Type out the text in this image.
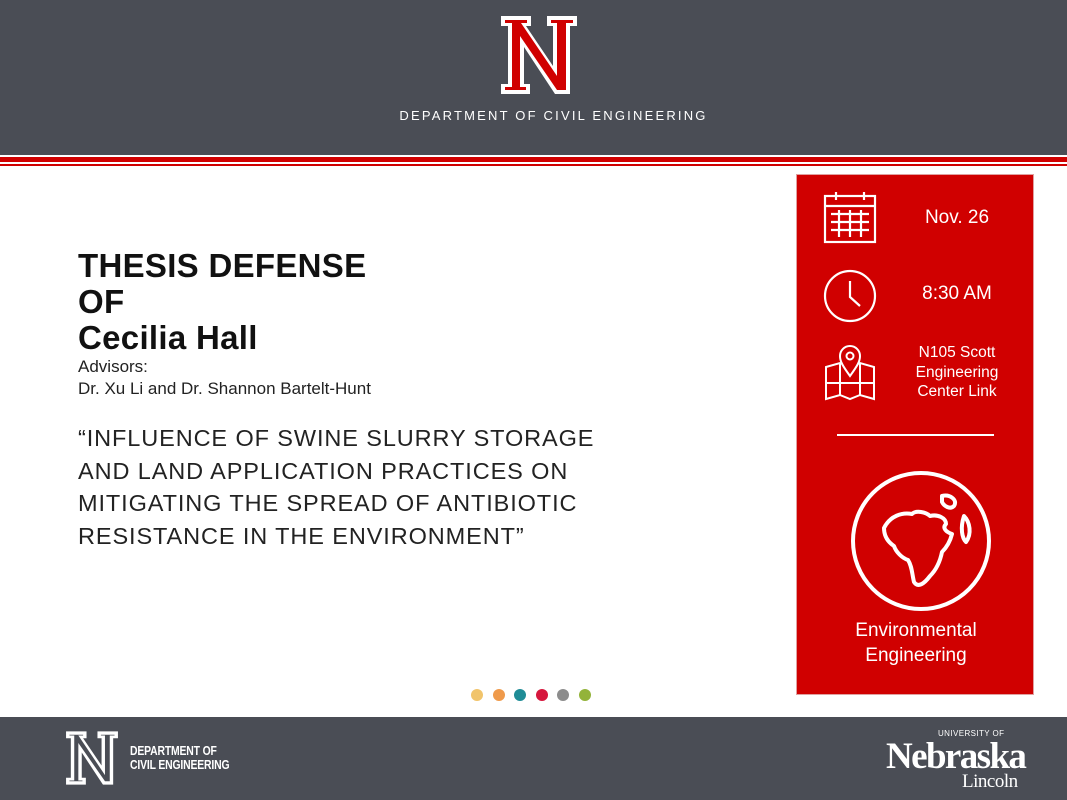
DEPARTMENT OF CIVIL ENGINEERING
THESIS DEFENSE
OF
Cecilia Hall
Advisors:
Dr. Xu Li and Dr. Shannon Bartelt-Hunt
“INFLUENCE OF SWINE SLURRY STORAGE
AND LAND APPLICATION PRACTICES ON
MITIGATING THE SPREAD OF ANTIBIOTIC
RESISTANCE IN THE ENVIRONMENT”
Nov. 26
8:30 AM
N105 Scott
Engineering
Center Link
Environmental
Engineering
DEPARTMENT OF
CIVIL ENGINEERING
UNIVERSITY OF
Nebraska
Lincoln
